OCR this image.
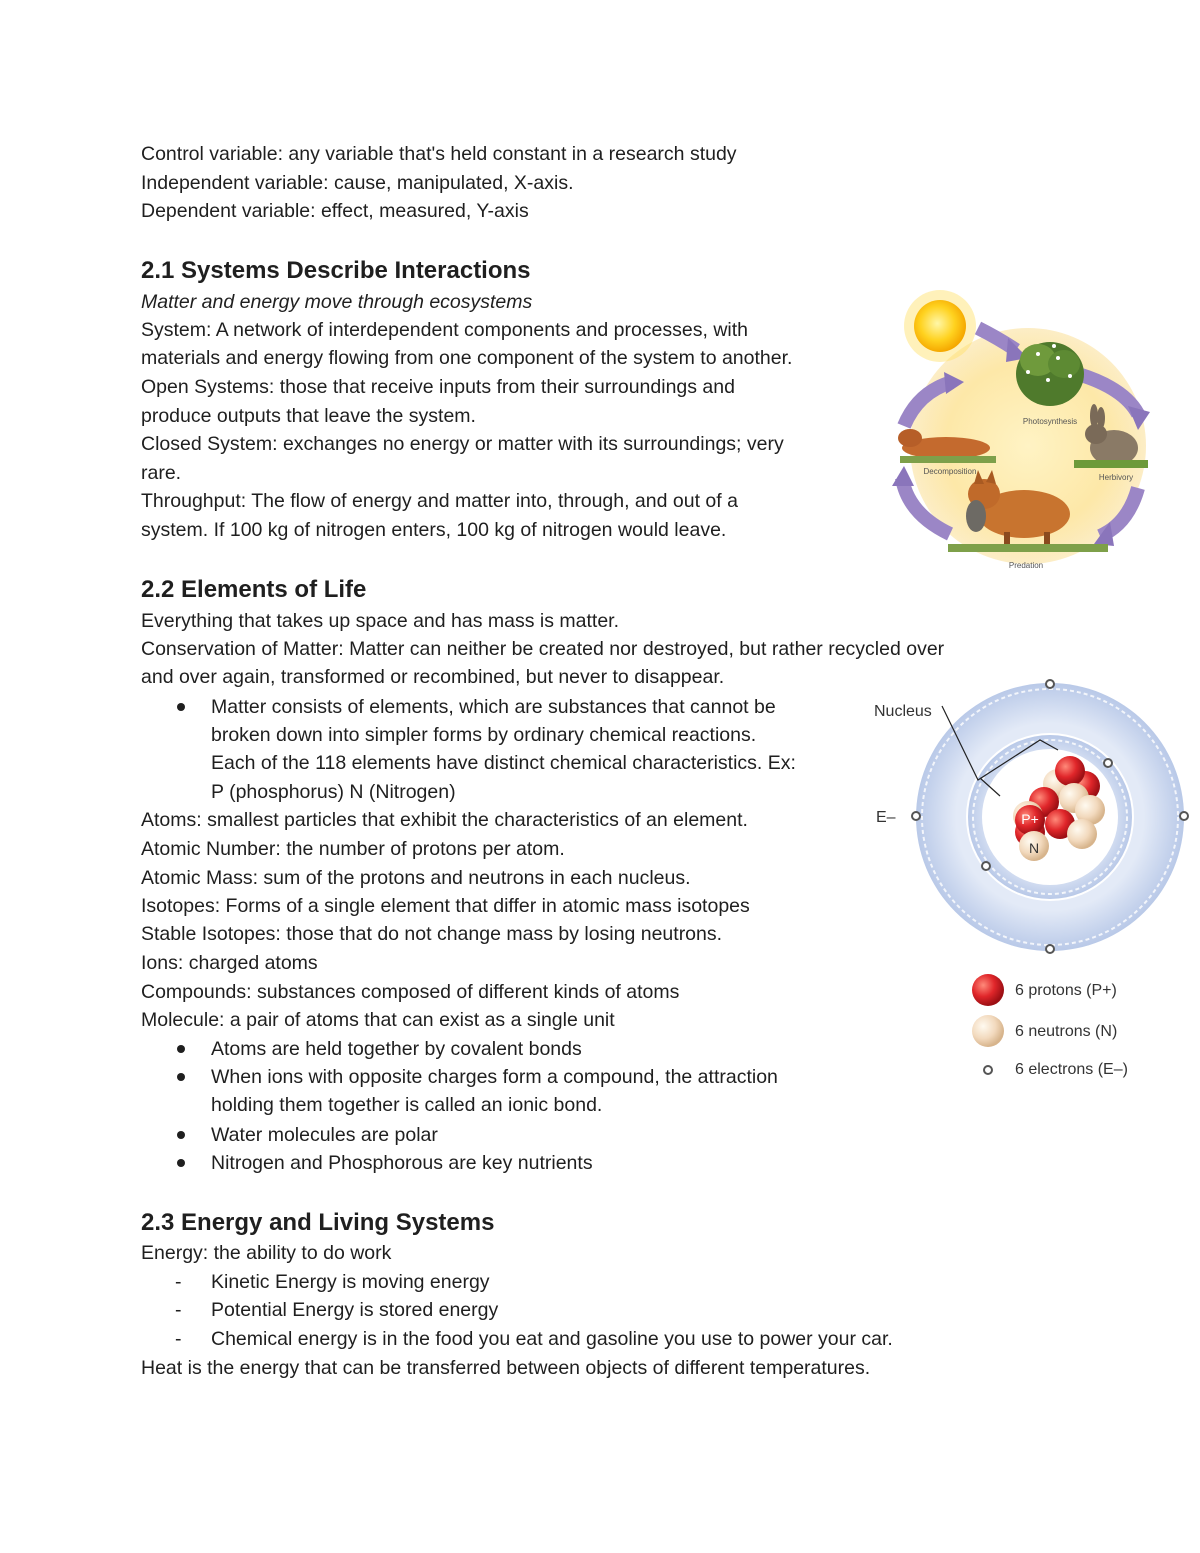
Control variable: any variable that's held constant in a research study
Independent variable: cause, manipulated, X-axis.
Dependent variable: effect, measured, Y-axis
2.1 Systems Describe Interactions
Matter and energy move through ecosystems
System: A network of interdependent components and processes, with
materials and energy flowing from one component of the system to another.
Open Systems: those that receive inputs from their surroundings and
produce outputs that leave the system.
Closed System: exchanges no energy or matter with its surroundings; very
rare.
Throughput: The flow of energy and matter into, through, and out of a
system. If 100 kg of nitrogen enters, 100 kg of nitrogen would leave.
Photosynthesis
Herbivory
Decomposition
Predation
2.2 Elements of Life
Everything that takes up space and has mass is matter.
Conservation of Matter: Matter can neither be created nor destroyed, but rather recycled over
and over again, transformed or recombined, but never to disappear.
Matter consists of elements, which are substances that cannot be
broken down into simpler forms by ordinary chemical reactions.
Each of the 118 elements have distinct chemical characteristics. Ex:
P (phosphorus) N (Nitrogen)
Atoms: smallest particles that exhibit the characteristics of an element.
Atomic Number: the number of protons per atom.
Atomic Mass: sum of the protons and neutrons in each nucleus.
Isotopes: Forms of a single element that differ in atomic mass isotopes
Stable Isotopes: those that do not change mass by losing neutrons.
Ions: charged atoms
Compounds: substances composed of different kinds of atoms
Molecule: a pair of atoms that can exist as a single unit
Atoms are held together by covalent bonds
When ions with opposite charges form a compound, the attraction
holding them together is called an ionic bond.
Water molecules are polar
Nitrogen and Phosphorous are key nutrients
Nucleus
P+
N
E–
6 protons (P+)
6 neutrons (N)
6 electrons (E–)
2.3 Energy and Living Systems
Energy: the ability to do work
- Kinetic Energy is moving energy
- Potential Energy is stored energy
- Chemical energy is in the food you eat and gasoline you use to power your car.
Heat is the energy that can be transferred between objects of different temperatures.
